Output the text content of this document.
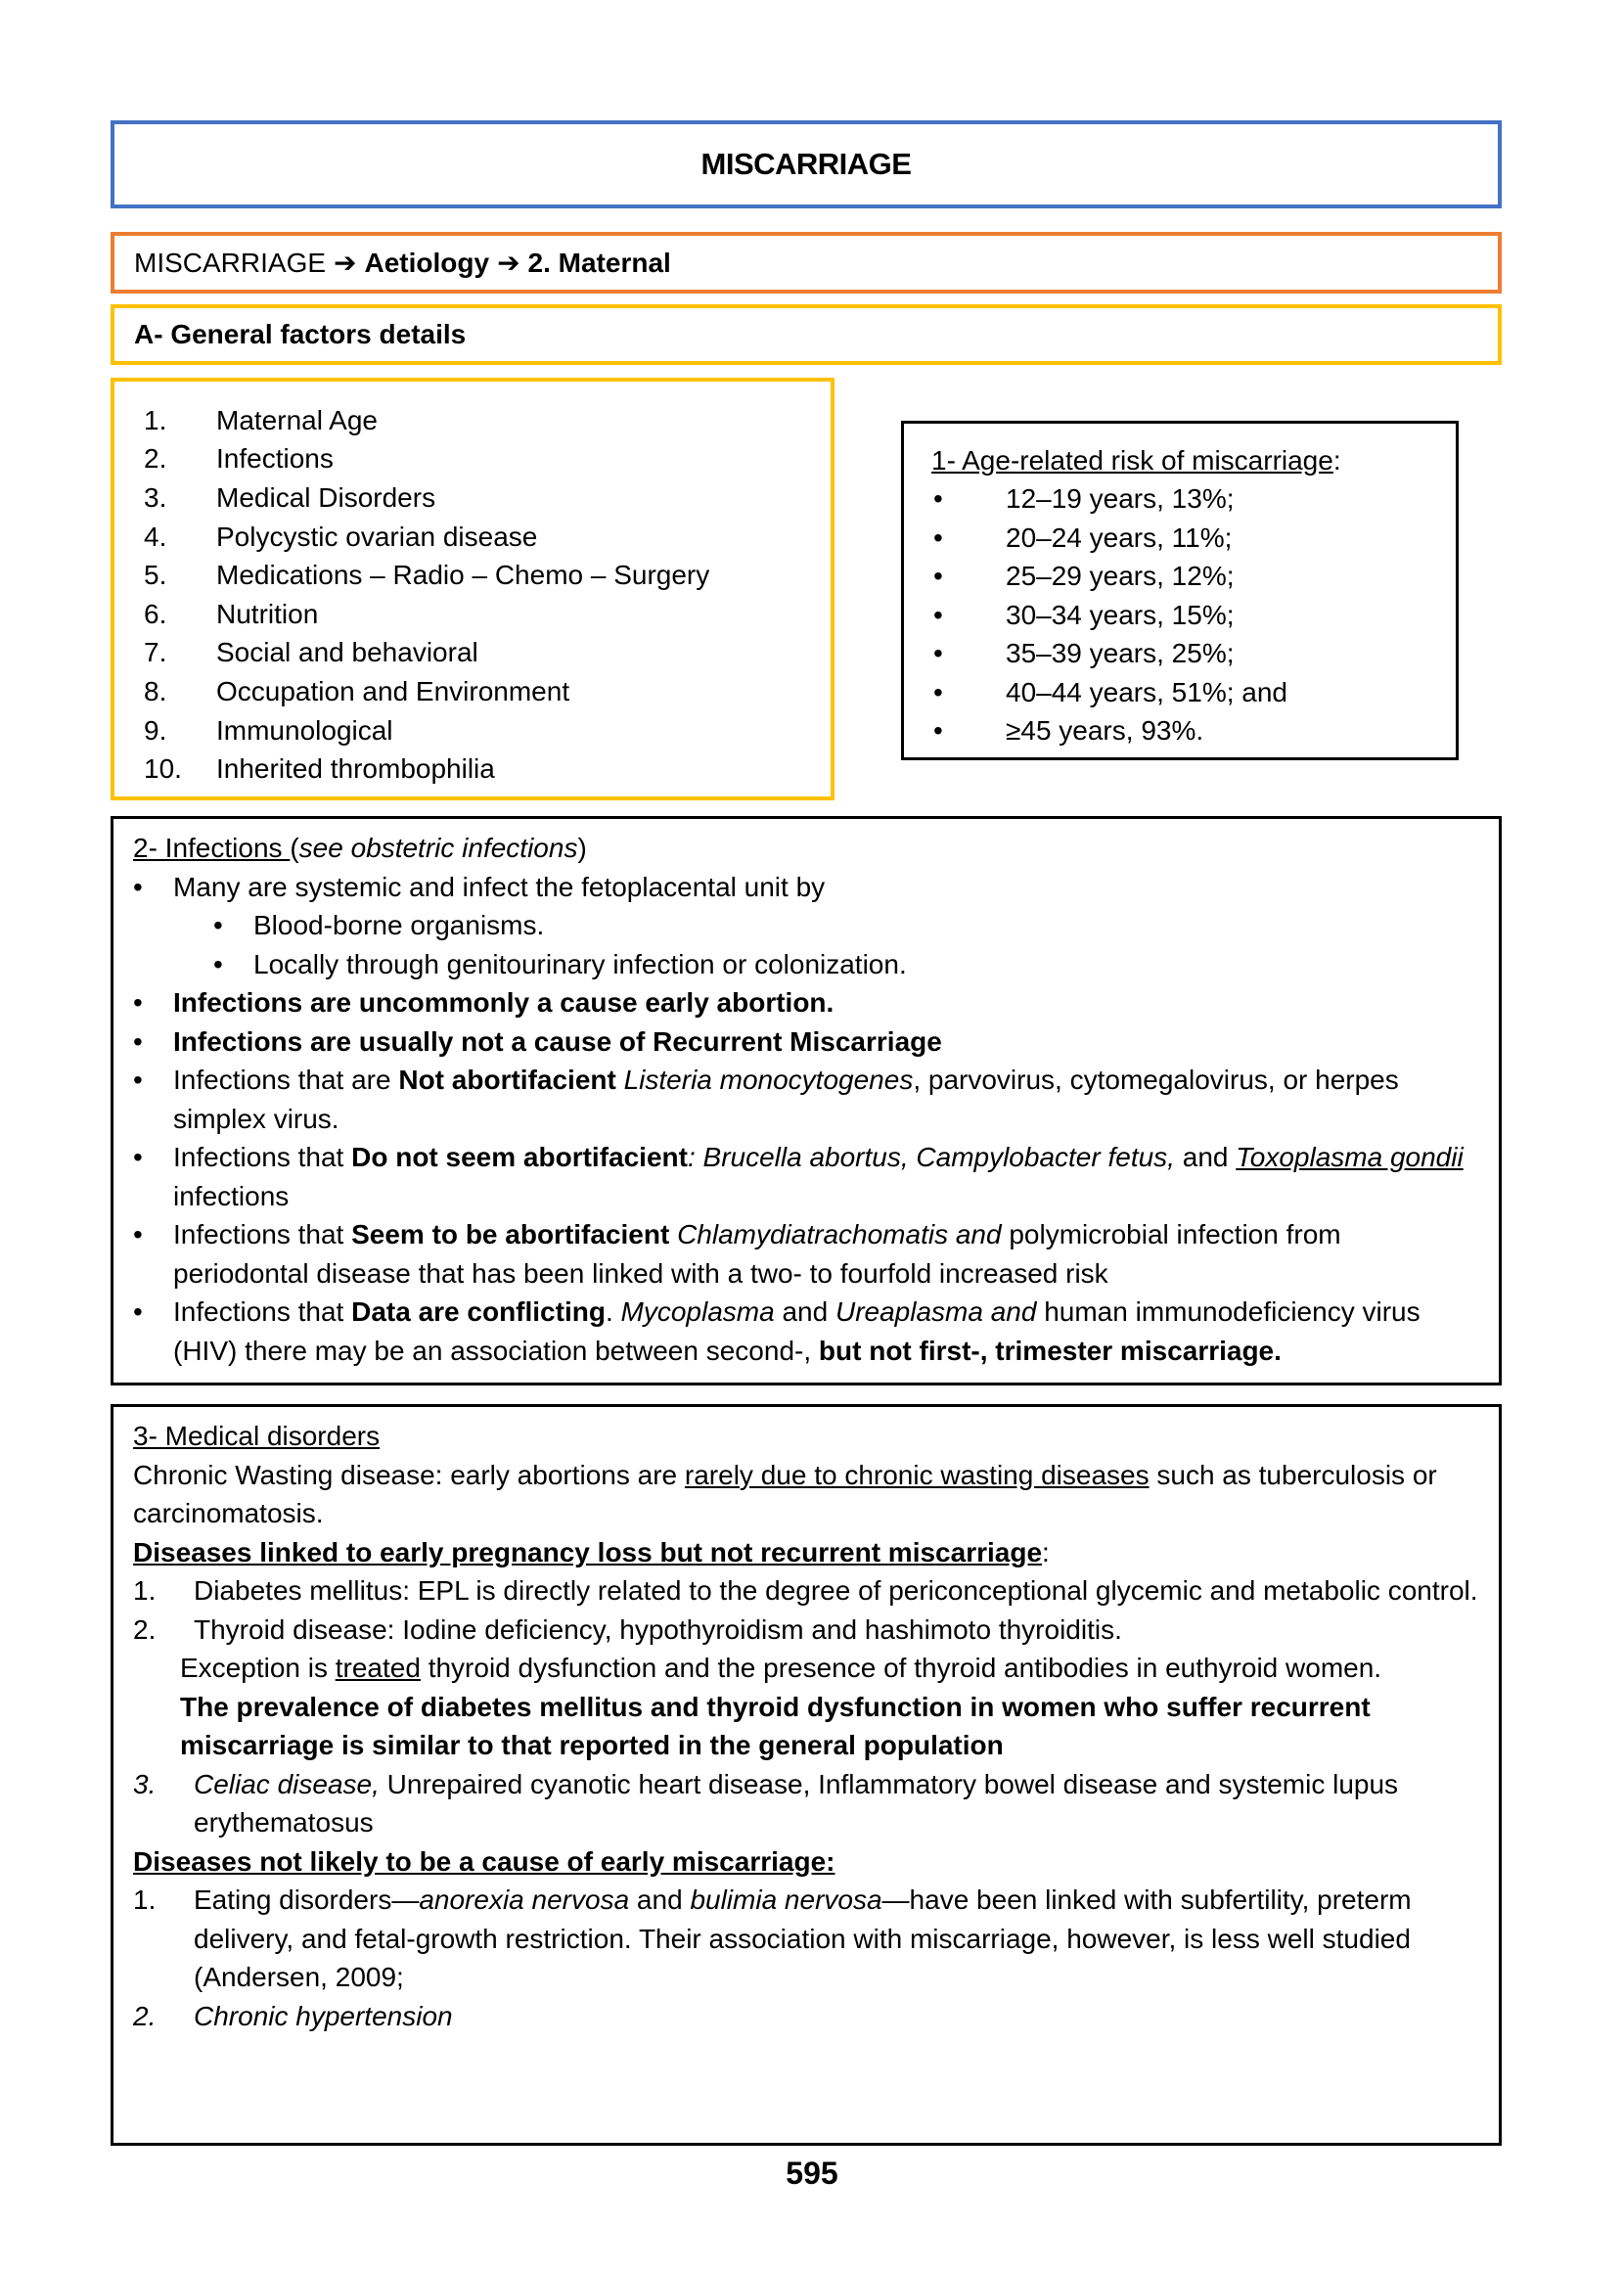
MISCARRIAGE
MISCARRIAGE ➔ Aetiology ➔ 2. Maternal
A- General factors details
1.	Maternal Age
2.	Infections
3.	Medical Disorders
4.	Polycystic ovarian disease
5.	Medications – Radio – Chemo – Surgery
6.	Nutrition
7.	Social and behavioral
8.	Occupation and Environment
9.	Immunological
10.	Inherited thrombophilia
1- Age-related risk of miscarriage :
•	12–19 years, 13%;
•	20–24 years, 11%;
•	25–29 years, 12%;
•	30–34 years, 15%;
•	35–39 years, 25%;
•	40–44 years, 51%; and
•	≥45 years, 93%.
2- Infections (see obstetric infections)
•	Many are systemic and infect the fetoplacental unit by
•	Blood-borne organisms.
•	Locally through genitourinary infection or colonization.
•	Infections are uncommonly a cause early abortion.
•	Infections are usually not a cause of Recurrent Miscarriage
•	Infections that are Not abortifacient Listeria monocytogenes, parvovirus, cytomegalovirus, or herpes simplex virus.
•	Infections that Do not seem abortifacient: Brucella abortus, Campylobacter fetus, and Toxoplasma gondii infections
•	Infections that Seem to be abortifacient Chlamydiatrachomatis and polymicrobial infection from periodontal disease that has been linked with a two- to fourfold increased risk
•	Infections that Data are conflicting. Mycoplasma and Ureaplasma and human immunodeficiency virus (HIV) there may be an association between second-, but not first-, trimester miscarriage.
3- Medical disorders
Chronic Wasting disease: early abortions are rarely due to chronic wasting diseases such as tuberculosis or carcinomatosis.
Diseases linked to early pregnancy loss but not recurrent miscarriage:
1.	Diabetes mellitus: EPL is directly related to the degree of periconceptional glycemic and metabolic control.
2.	Thyroid disease: Iodine deficiency, hypothyroidism and hashimoto thyroiditis.
Exception is treated thyroid dysfunction and the presence of thyroid antibodies in euthyroid women.
The prevalence of diabetes mellitus and thyroid dysfunction in women who suffer recurrent miscarriage is similar to that reported in the general population
3.	Celiac disease, Unrepaired cyanotic heart disease, Inflammatory bowel disease and systemic lupus erythematosus
Diseases not likely to be a cause of early miscarriage:
1.	Eating disorders—anorexia nervosa and bulimia nervosa—have been linked with subfertility, preterm delivery, and fetal-growth restriction. Their association with miscarriage, however, is less well studied (Andersen, 2009;
2.	Chronic hypertension
595
